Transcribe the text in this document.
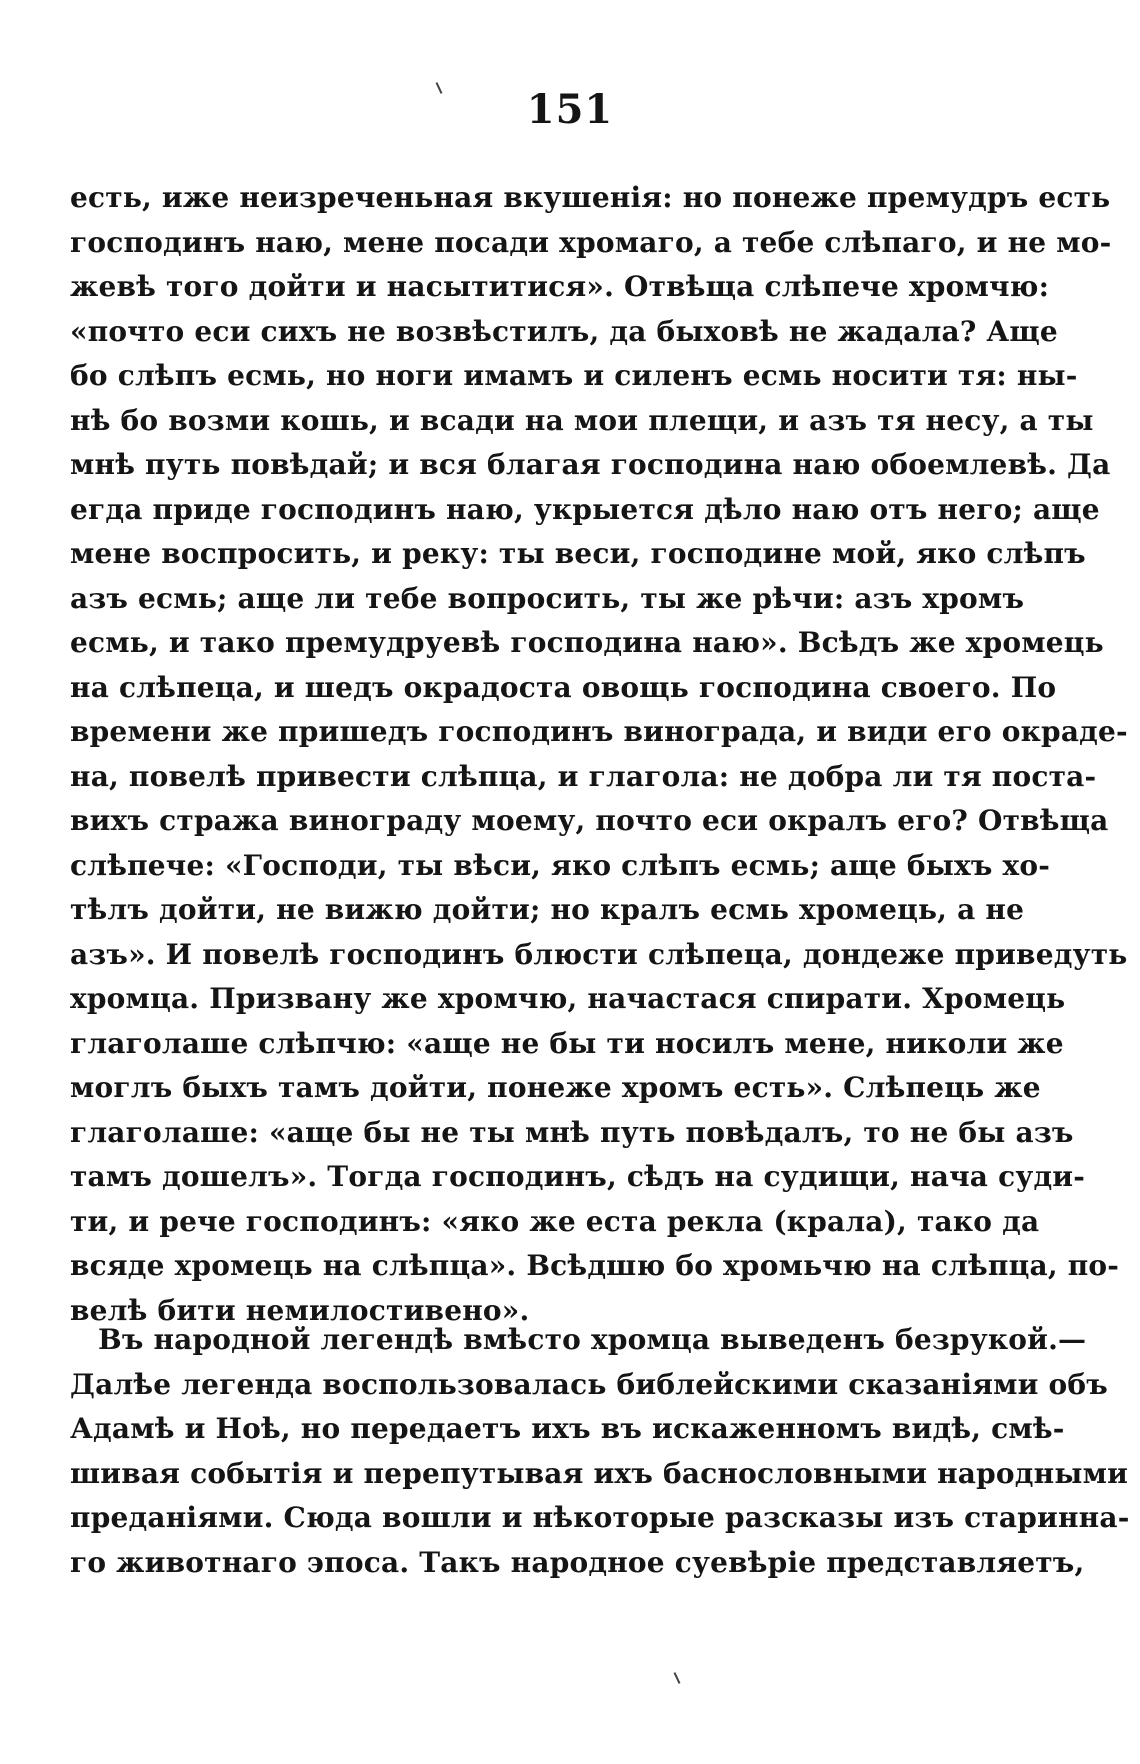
151
есть, иже неизреченьная вкушенія: но понеже премудръ есть
господинъ наю, мене посади хромаго, а тебе слѣпаго, и не мо-
жевѣ того дойти и насытитися». Отвѣща слѣпече хромчю:
«почто еси сихъ не возвѣстилъ, да быховѣ не жадала? Аще
бо слѣпъ есмь, но ноги имамъ и силенъ есмь носити тя: ны-
нѣ бо возми кошь, и всади на мои плещи, и азъ тя несу, а ты
мнѣ путь повѣдай; и вся благая господина наю обоемлевѣ. Да
егда приде господинъ наю, укрыется дѣло наю отъ него; аще
мене воспросить, и реку: ты веси, господине мой, яко слѣпъ
азъ есмь; аще ли тебе вопросить, ты же рѣчи: азъ хромъ
есмь, и тако премудруевѣ господина наю». Всѣдъ же хромець
на слѣпеца, и шедъ окрадоста овощь господина своего. По
времени же пришедъ господинъ винограда, и види его окраде-
на, повелѣ привести слѣпца, и глагола: не добра ли тя поста-
вихъ стража винограду моему, почто еси окралъ его? Отвѣща
слѣпече: «Господи, ты вѣси, яко слѣпъ есмь; аще быхъ хо-
тѣлъ дойти, не вижю дойти; но кралъ есмь хромець, а не
азъ». И повелѣ господинъ блюсти слѣпеца, дондеже приведуть
хромца. Призвану же хромчю, начастася спирати. Хромець
глаголаше слѣпчю: «аще не бы ти носилъ мене, николи же
моглъ быхъ тамъ дойти, понеже хромъ есть». Слѣпець же
глаголаше: «аще бы не ты мнѣ путь повѣдалъ, то не бы азъ
тамъ дошелъ». Тогда господинъ, сѣдъ на судищи, нача суди-
ти, и рече господинъ: «яко же еста рекла (крала), тако да
всяде хромець на слѣпца». Всѣдшю бо хромьчю на слѣпца, по-
велѣ бити немилостивено».
Въ народной легендѣ вмѣсто хромца выведенъ безрукой.—
Далѣе легенда воспользовалась библейскими сказаніями объ
Адамѣ и Ноѣ, но передаетъ ихъ въ искаженномъ видѣ, смѣ-
шивая событія и перепутывая ихъ баснословными народными
преданіями. Сюда вошли и нѣкоторые разсказы изъ старинна-
го животнаго эпоса. Такъ народное суевѣріе представляетъ,
